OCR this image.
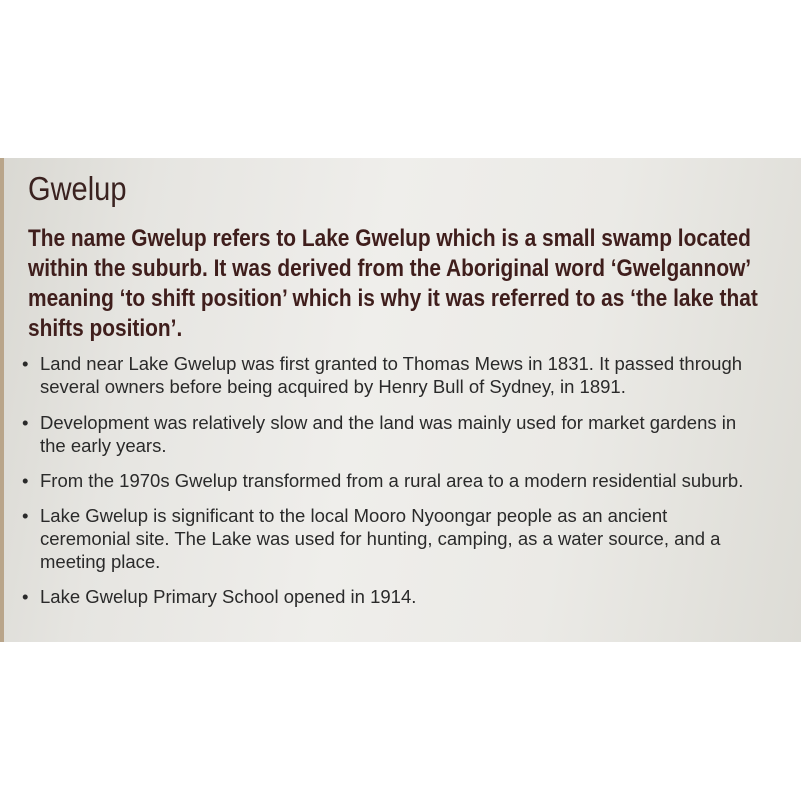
Gwelup
The name Gwelup refers to Lake Gwelup which is a small swamp located
within the suburb. It was derived from the Aboriginal word ‘Gwelgannow’
meaning ‘to shift position’ which is why it was referred to as ‘the lake that
shifts position’.
• Land near Lake Gwelup was first granted to Thomas Mews in 1831. It passed through
several owners before being acquired by Henry Bull of Sydney, in 1891.
• Development was relatively slow and the land was mainly used for market gardens in
the early years.
• From the 1970s Gwelup transformed from a rural area to a modern residential suburb.
• Lake Gwelup is significant to the local Mooro Nyoongar people as an ancient
ceremonial site. The Lake was used for hunting, camping, as a water source, and a
meeting place.
• Lake Gwelup Primary School opened in 1914.
